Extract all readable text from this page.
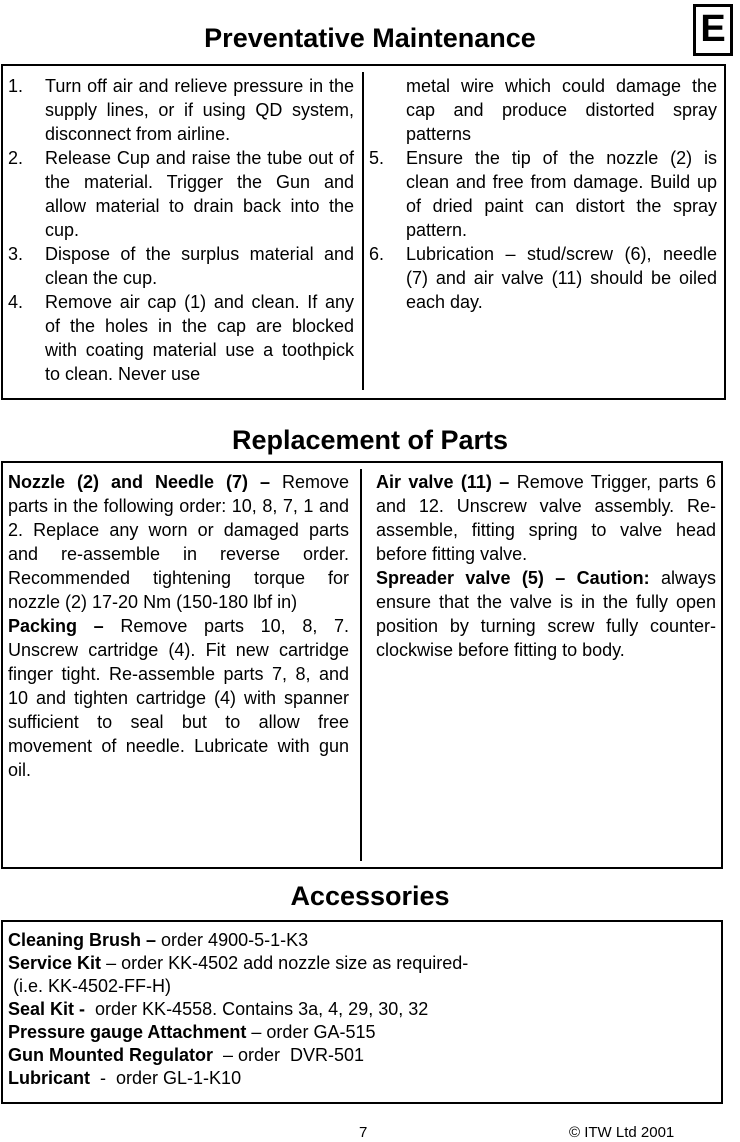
E
Preventative Maintenance
1. Turn off air and relieve pressure in the supply lines, or if using QD system, disconnect from airline.
2. Release Cup and raise the tube out of the material. Trigger the Gun and allow material to drain back into the cup.
3. Dispose of the surplus material and clean the cup.
4. Remove air cap (1) and clean. If any of the holes in the cap are blocked with coating material use a toothpick to clean. Never use
metal wire which could damage the cap and produce distorted spray patterns
5. Ensure the tip of the nozzle (2) is clean and free from damage. Build up of dried paint can distort the spray pattern.
6. Lubrication – stud/screw (6), needle (7) and air valve (11) should be oiled each day.
Replacement of Parts
Nozzle (2) and Needle (7) – Remove parts in the following order: 10, 8, 7, 1 and 2. Replace any worn or damaged parts and re-assemble in reverse order. Recommended tightening torque for nozzle (2) 17-20 Nm (150-180 lbf in)
Packing – Remove parts 10, 8, 7. Unscrew cartridge (4). Fit new cartridge finger tight. Re-assemble parts 7, 8, and 10 and tighten cartridge (4) with spanner sufficient to seal but to allow free movement of needle. Lubricate with gun oil.
Air valve (11) – Remove Trigger, parts 6 and 12. Unscrew valve assembly. Re-assemble, fitting spring to valve head before fitting valve.
Spreader valve (5) – Caution: always ensure that the valve is in the fully open position by turning screw fully counter-clockwise before fitting to body.
Accessories
Cleaning Brush – order 4900-5-1-K3
Service Kit – order KK-4502 add nozzle size as required-
(i.e. KK-4502-FF-H)
Seal Kit -  order KK-4558. Contains 3a, 4, 29, 30, 32
Pressure gauge Attachment – order GA-515
Gun Mounted Regulator  – order  DVR-501
Lubricant  -  order GL-1-K10
7	© ITW Ltd 2001
